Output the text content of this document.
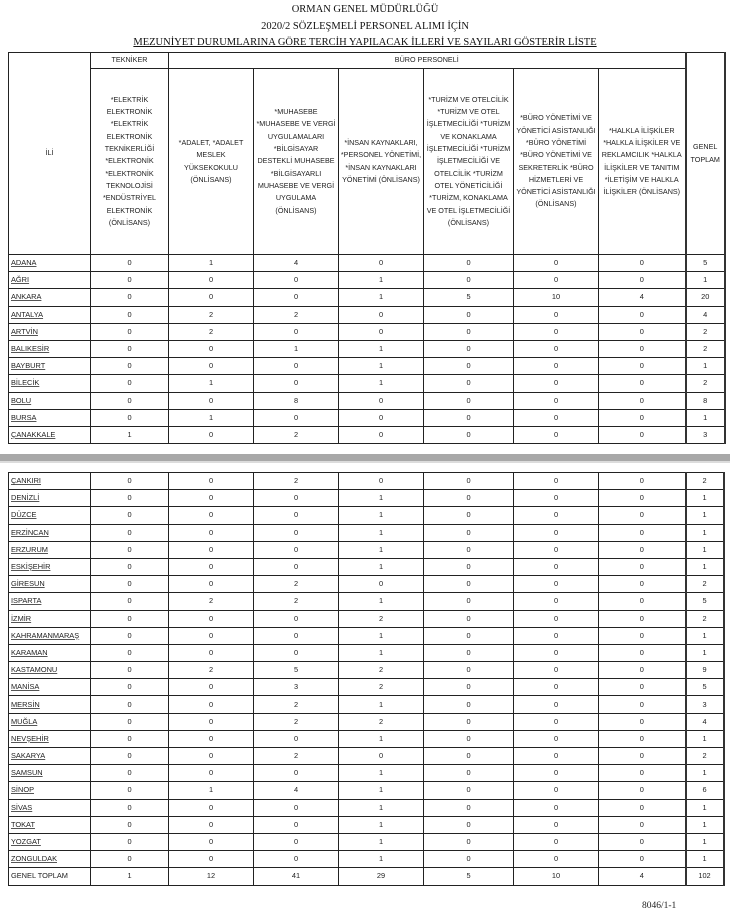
ORMAN GENEL MÜDÜRLÜĞÜ
2020/2 SÖZLEŞMELİ PERSONEL ALIMI İÇİN
MEZUNİYET DURUMLARINA GÖRE TERCİH YAPILACAK İLLERİ VE SAYILARI GÖSTERİR LİSTE
İLİ	TEKNİKER	BÜRO PERSONELİ						GENEL TOPLAM
	*ELEKTRİK ELEKTRONİK *ELEKTRİK ELEKTRONİK TEKNİKERLİĞİ *ELEKTRONİK *ELEKTRONİK TEKNOLOJİSİ *ENDÜSTRİYEL ELEKTRONİK (ÖNLİSANS)	*ADALET, *ADALET MESLEK YÜKSEKOKULU (ÖNLİSANS)	*MUHASEBE *MUHASEBE VE VERGİ UYGULAMALARI *BİLGİSAYAR DESTEKLİ MUHASEBE *BİLGİSAYARLI MUHASEBE VE VERGİ UYGULAMA (ÖNLİSANS)	*İNSAN KAYNAKLARI, *PERSONEL YÖNETİMİ, *İNSAN KAYNAKLARI YÖNETİMİ (ÖNLİSANS)	*TURİZM VE OTELCİLİK *TURİZM VE OTEL İŞLETMECİLİĞİ *TURİZM VE KONAKLAMA İŞLETMECİLİĞİ *TURİZM İŞLETMECİLİĞİ VE OTELCİLİK *TURİZM OTEL YÖNETİCİLİĞİ *TURİZM, KONAKLAMA VE OTEL İŞLETMECİLİĞİ (ÖNLİSANS)	*BÜRO YÖNETİMİ VE YÖNETİCİ ASİSTANLIĞI *BÜRO YÖNETİMİ *BÜRO YÖNETİMİ VE SEKRETERLİK *BÜRO HİZMETLERİ VE YÖNETİCİ ASİSTANLIĞI (ÖNLİSANS)	*HALKLA İLİŞKİLER *HALKLA İLİŞKİLER VE REKLAMCILIK *HALKLA İLİŞKİLER VE TANITIM *İLETİŞİM VE HALKLA İLİŞKİLER (ÖNLİSANS)	
ADANA	0	1	4	0	0	0	0	5
AĞRI	0	0	0	1	0	0	0	1
ANKARA	0	0	0	1	5	10	4	20
ANTALYA	0	2	2	0	0	0	0	4
ARTVİN	0	2	0	0	0	0	0	2
BALIKESİR	0	0	1	1	0	0	0	2
BAYBURT	0	0	0	1	0	0	0	1
BİLECİK	0	1	0	1	0	0	0	2
BOLU	0	0	8	0	0	0	0	8
BURSA	0	1	0	0	0	0	0	1
ÇANAKKALE	1	0	2	0	0	0	0	3
ÇANKIRI	0	0	2	0	0	0	0	2
DENİZLİ	0	0	0	1	0	0	0	1
DÜZCE	0	0	0	1	0	0	0	1
ERZİNCAN	0	0	0	1	0	0	0	1
ERZURUM	0	0	0	1	0	0	0	1
ESKİŞEHİR	0	0	0	1	0	0	0	1
GİRESUN	0	0	2	0	0	0	0	2
ISPARTA	0	2	2	1	0	0	0	5
İZMİR	0	0	0	2	0	0	0	2
KAHRAMANMARAŞ	0	0	0	1	0	0	0	1
KARAMAN	0	0	0	1	0	0	0	1
KASTAMONU	0	2	5	2	0	0	0	9
MANİSA	0	0	3	2	0	0	0	5
MERSİN	0	0	2	1	0	0	0	3
MUĞLA	0	0	2	2	0	0	0	4
NEVŞEHİR	0	0	0	1	0	0	0	1
SAKARYA	0	0	2	0	0	0	0	2
SAMSUN	0	0	0	1	0	0	0	1
SİNOP	0	1	4	1	0	0	0	6
SİVAS	0	0	0	1	0	0	0	1
TOKAT	0	0	0	1	0	0	0	1
YOZGAT	0	0	0	1	0	0	0	1
ZONGULDAK	0	0	0	1	0	0	0	1
GENEL TOPLAM	1	12	41	29	5	10	4	102
8046/1-1
